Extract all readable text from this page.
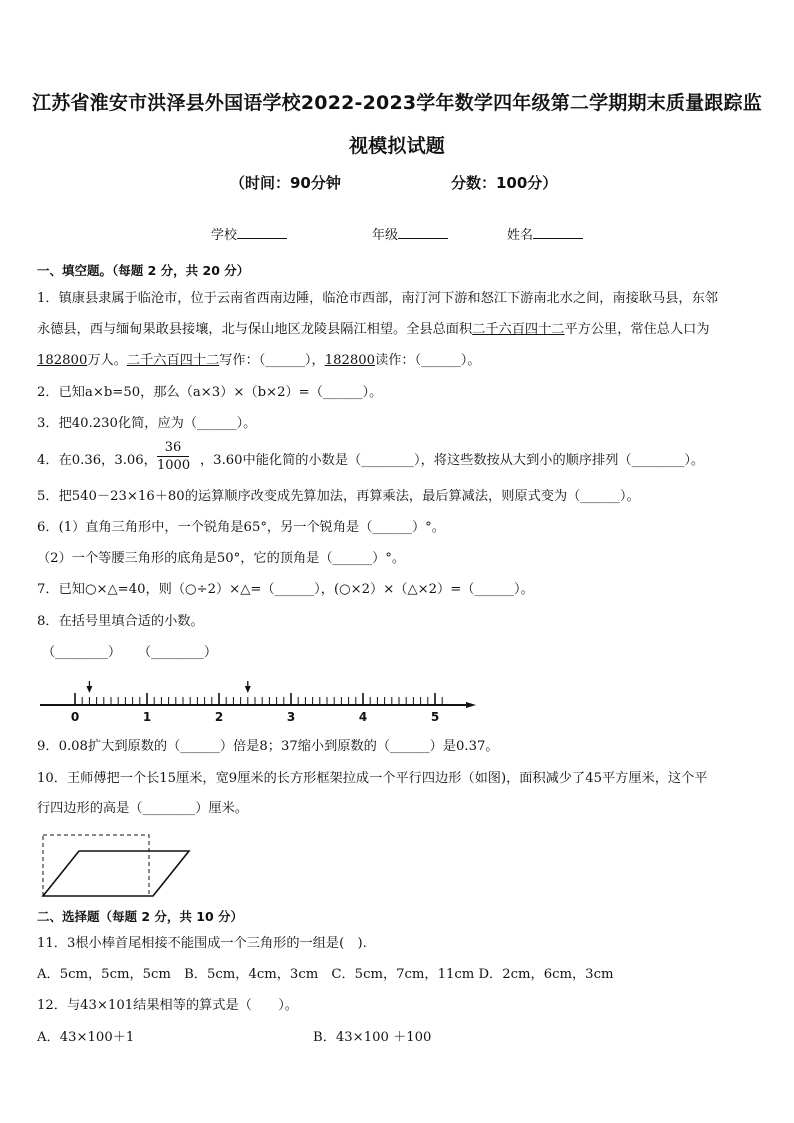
江苏省淮安市洪泽县外国语学校2022-2023学年数学四年级第二学期期末质量跟踪监
视模拟试题
（时间：90分钟	分数：100分）
学校	年级	姓名
一、填空题。（每题 2 分，共 20 分）
1．镇康县隶属于临沧市，位于云南省西南边陲，临沧市西部，南汀河下游和怒江下游南北水之间，南接耿马县，东邻
永德县，西与缅甸果敢县接壤，北与保山地区龙陵县隔江相望。全县总面积二千六百四十二平方公里，常住总人口为
182800万人。二千六百四十二写作：（______），182800读作：（______）。
2．已知a×b=50，那么（a×3）×（b×2）=（______）。
3．把40.230化简，应为（______）。
4．在0.36，3.06，
36
1000 ，3.60中能化简的小数是（________），将这些数按从大到小的顺序排列（________）。
5．把540－23×16＋80的运算顺序改变成先算加法，再算乘法，最后算减法，则原式变为（______）。
6．(1）直角三角形中，一个锐角是65°，另一个锐角是（______）°。
（2）一个等腰三角形的底角是50°，它的顶角是（______）°。
7．已知○×△=40，则（○÷2）×△=（______），(○×2）×（△×2）=（______）。
8．在括号里填合适的小数。
（________）    （________）
0	1	2	3	4	5
9．0.08扩大到原数的（______）倍是8；37缩小到原数的（______）是0.37。
10．王师傅把一个长15厘米，宽9厘米的长方形框架拉成一个平行四边形（如图)，面积减少了45平方厘米，这个平
行四边形的高是（________）厘米。
二、选择题（每题 2 分，共 10 分）
11．3根小棒首尾相接不能围成一个三角形的一组是(　).
A．5cm，5cm，5cm　B．5cm，4cm，3cm　C．5cm，7cm，11cm D．2cm，6cm，3cm
12．与43×101结果相等的算式是（　　）。
A．43×100＋1	B．43×100 ＋100
